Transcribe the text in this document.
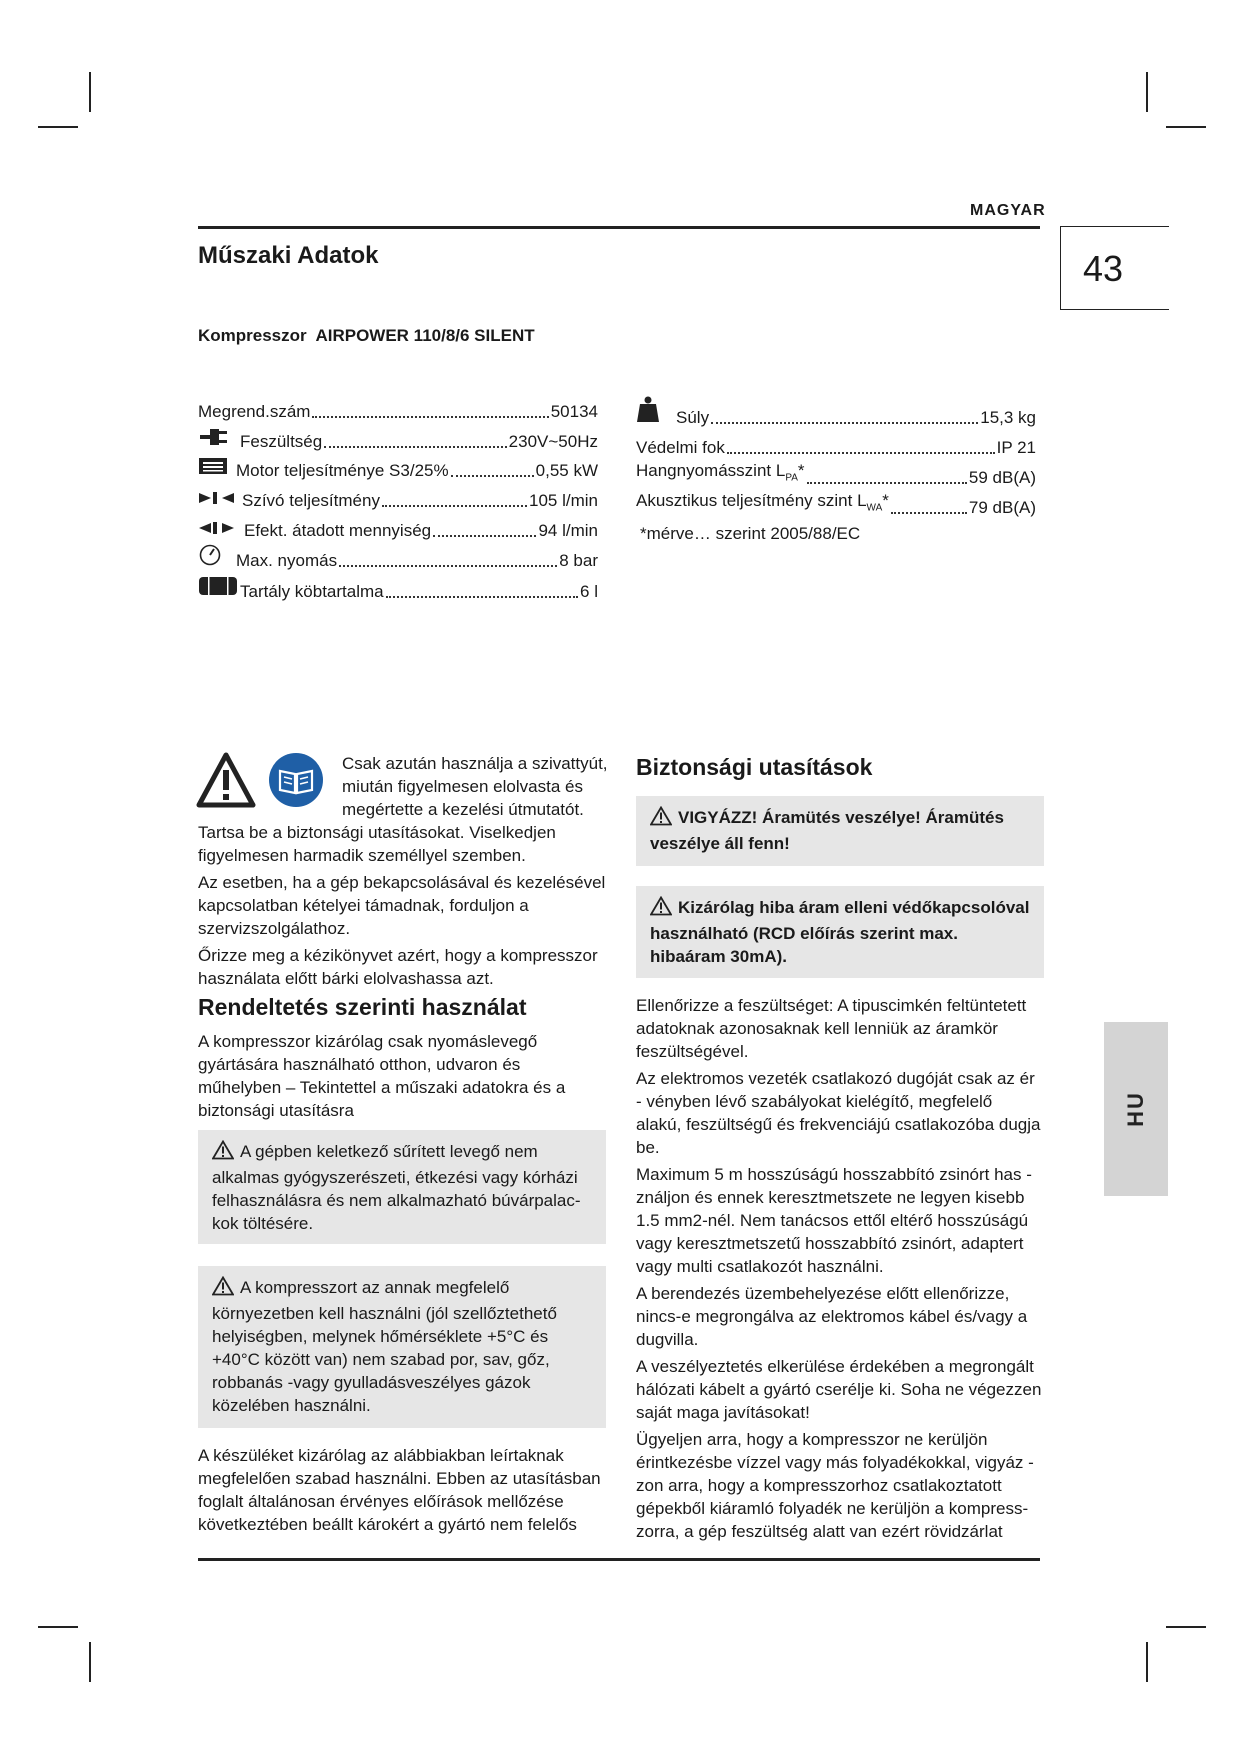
MAGYAR
43
Műszaki Adatok
Kompresszor  AIRPOWER 110/8/6 SILENT
Megrend.szám	50134
Feszültség	230V~50Hz
Motor teljesítménye S3/25%	0,55 kW
Szívó teljesítmény	105 l/min
Efekt. átadott mennyiség	94 l/min
Max. nyomás	8 bar
Tartály köbtartalma	6 l
Súly	15,3 kg
Védelmi fok	IP 21
Hangnyomásszint $L_{PA}*$	59 dB(A)
Akusztikus teljesítmény szint $L_{WA}*$	79 dB(A)
*mérve… szerint 2005/88/EC
Csak azután használja a szivattyút,
miután figyelmesen elolvasta és
megértette a kezelési útmutatót.

Tartsa be a biztonsági utasításokat. Viselkedjen figyelmesen harmadik személlyel szemben.

Az esetben, ha a gép bekapcsolásával és kezelésével kapcsolatban kételyei támadnak, forduljon a szervizszolgálathoz.

Őrizze meg a kézikönyvet azért, hogy a kompresszor használata előtt bárki elolvashassa azt.

Rendeltetés szerinti használat

A kompresszor kizárólag csak nyomáslevegő gyártására használható otthon, udvaron és műhelyben – Tekintettel a műszaki adatokra és a biztonsági utasításra

A gépben keletkező sűrített levegő nem alkalmas gyógyszerészeti, étkezési vagy kórházi felhasználásra és nem alkalmazható búvárpalac-kok töltésére.
A kompresszort az annak megfelelő környezetben kell használni (jól szellőztethető helyiségben, melynek hőmérséklete +5°C és +40°C között van) nem szabad por, sav, gőz, robbanás -vagy gyulladásveszélyes gázok közelében használni.

A készüléket kizárólag az alábbiakban leírtaknak megfelelően szabad használni. Ebben az utasításban foglalt általánosan érvényes előírások mellőzése következtében beállt károkért a gyártó nem felelős

Biztonsági utasítások
VIGYÁZZ! Áramütés veszélye! Áramütés veszélye áll fenn!
Kizárólag hiba áram elleni védőkapcsolóval használható (RCD előírás szerint max. hibaáram 30mA).

Ellenőrizze a feszültséget: A tipuscimkén feltüntetett adatoknak azonosaknak kell lenniük az áramkör feszültségével.

Az elektromos vezeték csatlakozó dugóját csak az ér - vényben lévő szabályokat kielégítő, megfelelő alakú, feszültségű és frekvenciájú csatlakozóba dugja be.

Maximum 5 m hosszúságú hosszabbító zsinórt has -ználjon és ennek keresztmetszete ne legyen kisebb 1.5 mm2-nél. Nem tanácsos ettől eltérő hosszúságú vagy keresztmetszetű hosszabbító zsinórt, adaptert vagy multi csatlakozót használni.

A berendezés üzembehelyezése előtt ellenőrizze, nincs-e megrongálva az elektromos kábel és/vagy a dugvilla.

A veszélyeztetés elkerülése érdekében a megrongált hálózati kábelt a gyártó cserélje ki. Soha ne végezzen saját maga javításokat!

Ügyeljen arra, hogy a kompresszor ne kerüljön érintkezésbe vízzel vagy más folyadékokkal, vigyáz - zon arra, hogy a kompresszorhoz csatlakoztatott gépekből kiáramló folyadék ne kerüljön a kompress- zorra, a gép feszültség alatt van ezért rövidzárlat

HU
